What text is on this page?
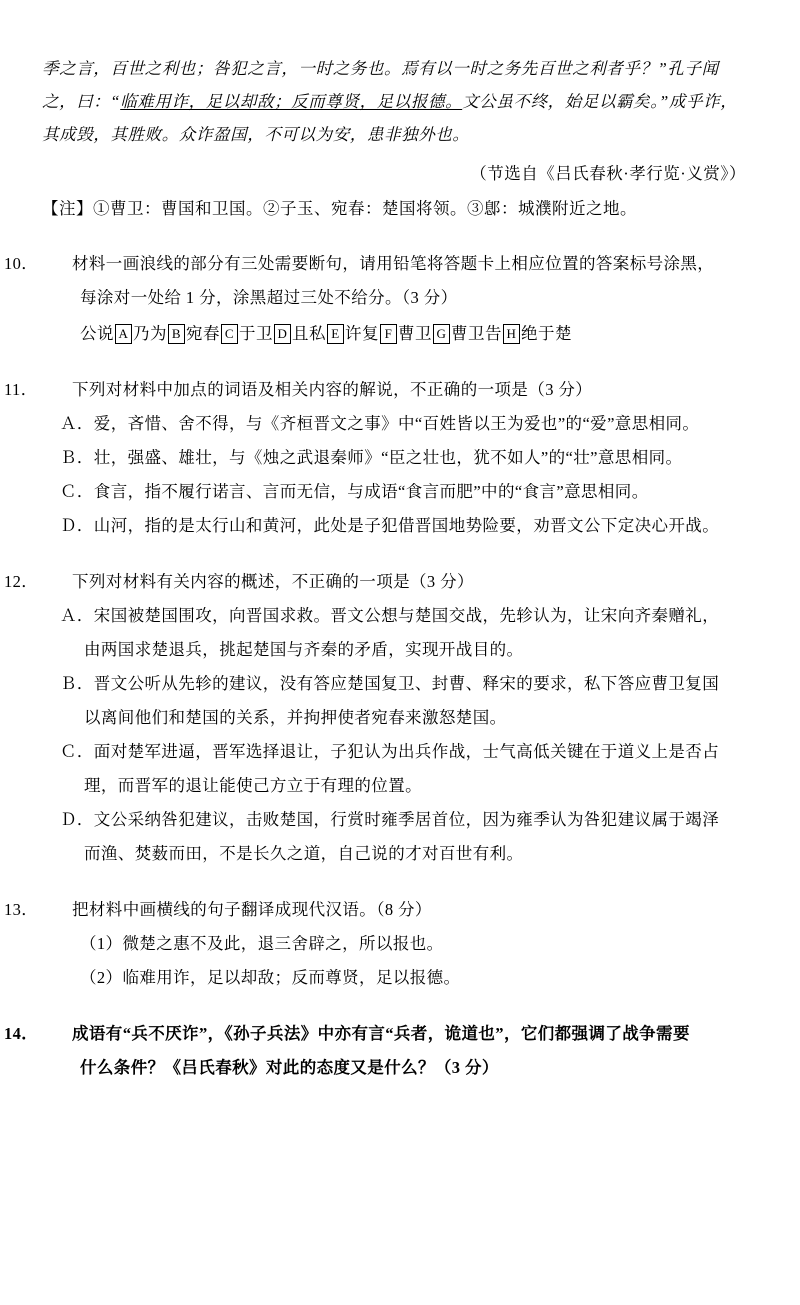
季之言，百世之利也；咎犯之言，一时之务也。焉有以一时之务先百世之利者乎？”孔子闻
之，曰：“临难用诈，足以却敌；反而尊贤，足以报德。文公虽不终，始足以霸矣。”成乎诈，
其成毁，其胜败。众诈盈国，不可以为安，患非独外也。
（节选自《吕氏春秋·孝行览·义赏》）
【注】①曹卫：曹国和卫国。②子玉、宛春：楚国将领。③鄎：城濮附近之地。
10． 材料一画浪线的部分有三处需要断句，请用铅笔将答题卡上相应位置的答案标号涂黑，
每涂对一处给 1 分，涂黑超过三处不给分。（3 分）
公说 A 乃为 B 宛春 C 于卫 D 且私 E 许复 F 曹卫 G 曹卫告 H 绝于楚
11． 下列对材料中加点的词语及相关内容的解说，不正确的一项是（3 分）
Ａ．爱，吝惜、舍不得，与《齐桓晋文之事》中“百姓皆以王为爱也”的“爱”意思相同。
Ｂ．壮，强盛、雄壮，与《烛之武退秦师》“臣之壮也，犹不如人”的“壮”意思相同。
Ｃ．食言，指不履行诺言、言而无信，与成语“食言而肥”中的“食言”意思相同。
Ｄ．山河，指的是太行山和黄河，此处是子犯借晋国地势险要，劝晋文公下定决心开战。
12． 下列对材料有关内容的概述，不正确的一项是（3 分）
Ａ．宋国被楚国围攻，向晋国求救。晋文公想与楚国交战，先轸认为，让宋向齐秦赠礼，
由两国求楚退兵，挑起楚国与齐秦的矛盾，实现开战目的。
Ｂ．晋文公听从先轸的建议，没有答应楚国复卫、封曹、释宋的要求，私下答应曹卫复国
以离间他们和楚国的关系，并拘押使者宛春来激怒楚国。
Ｃ．面对楚军进逼，晋军选择退让，子犯认为出兵作战，士气高低关键在于道义上是否占
理，而晋军的退让能使己方立于有理的位置。
Ｄ．文公采纳咎犯建议，击败楚国，行赏时雍季居首位，因为雍季认为咎犯建议属于竭泽
而渔、焚薮而田，不是长久之道，自己说的才对百世有利。
13． 把材料中画横线的句子翻译成现代汉语。（8 分）
（1）微楚之惠不及此，退三舍辟之，所以报也。
（2）临难用诈，足以却敌；反而尊贤，足以报德。
14． 成语有“兵不厌诈”，《孙子兵法》中亦有言“兵者，诡道也”，它们都强调了战争需要
什么条件？《吕氏春秋》对此的态度又是什么？（3 分）
